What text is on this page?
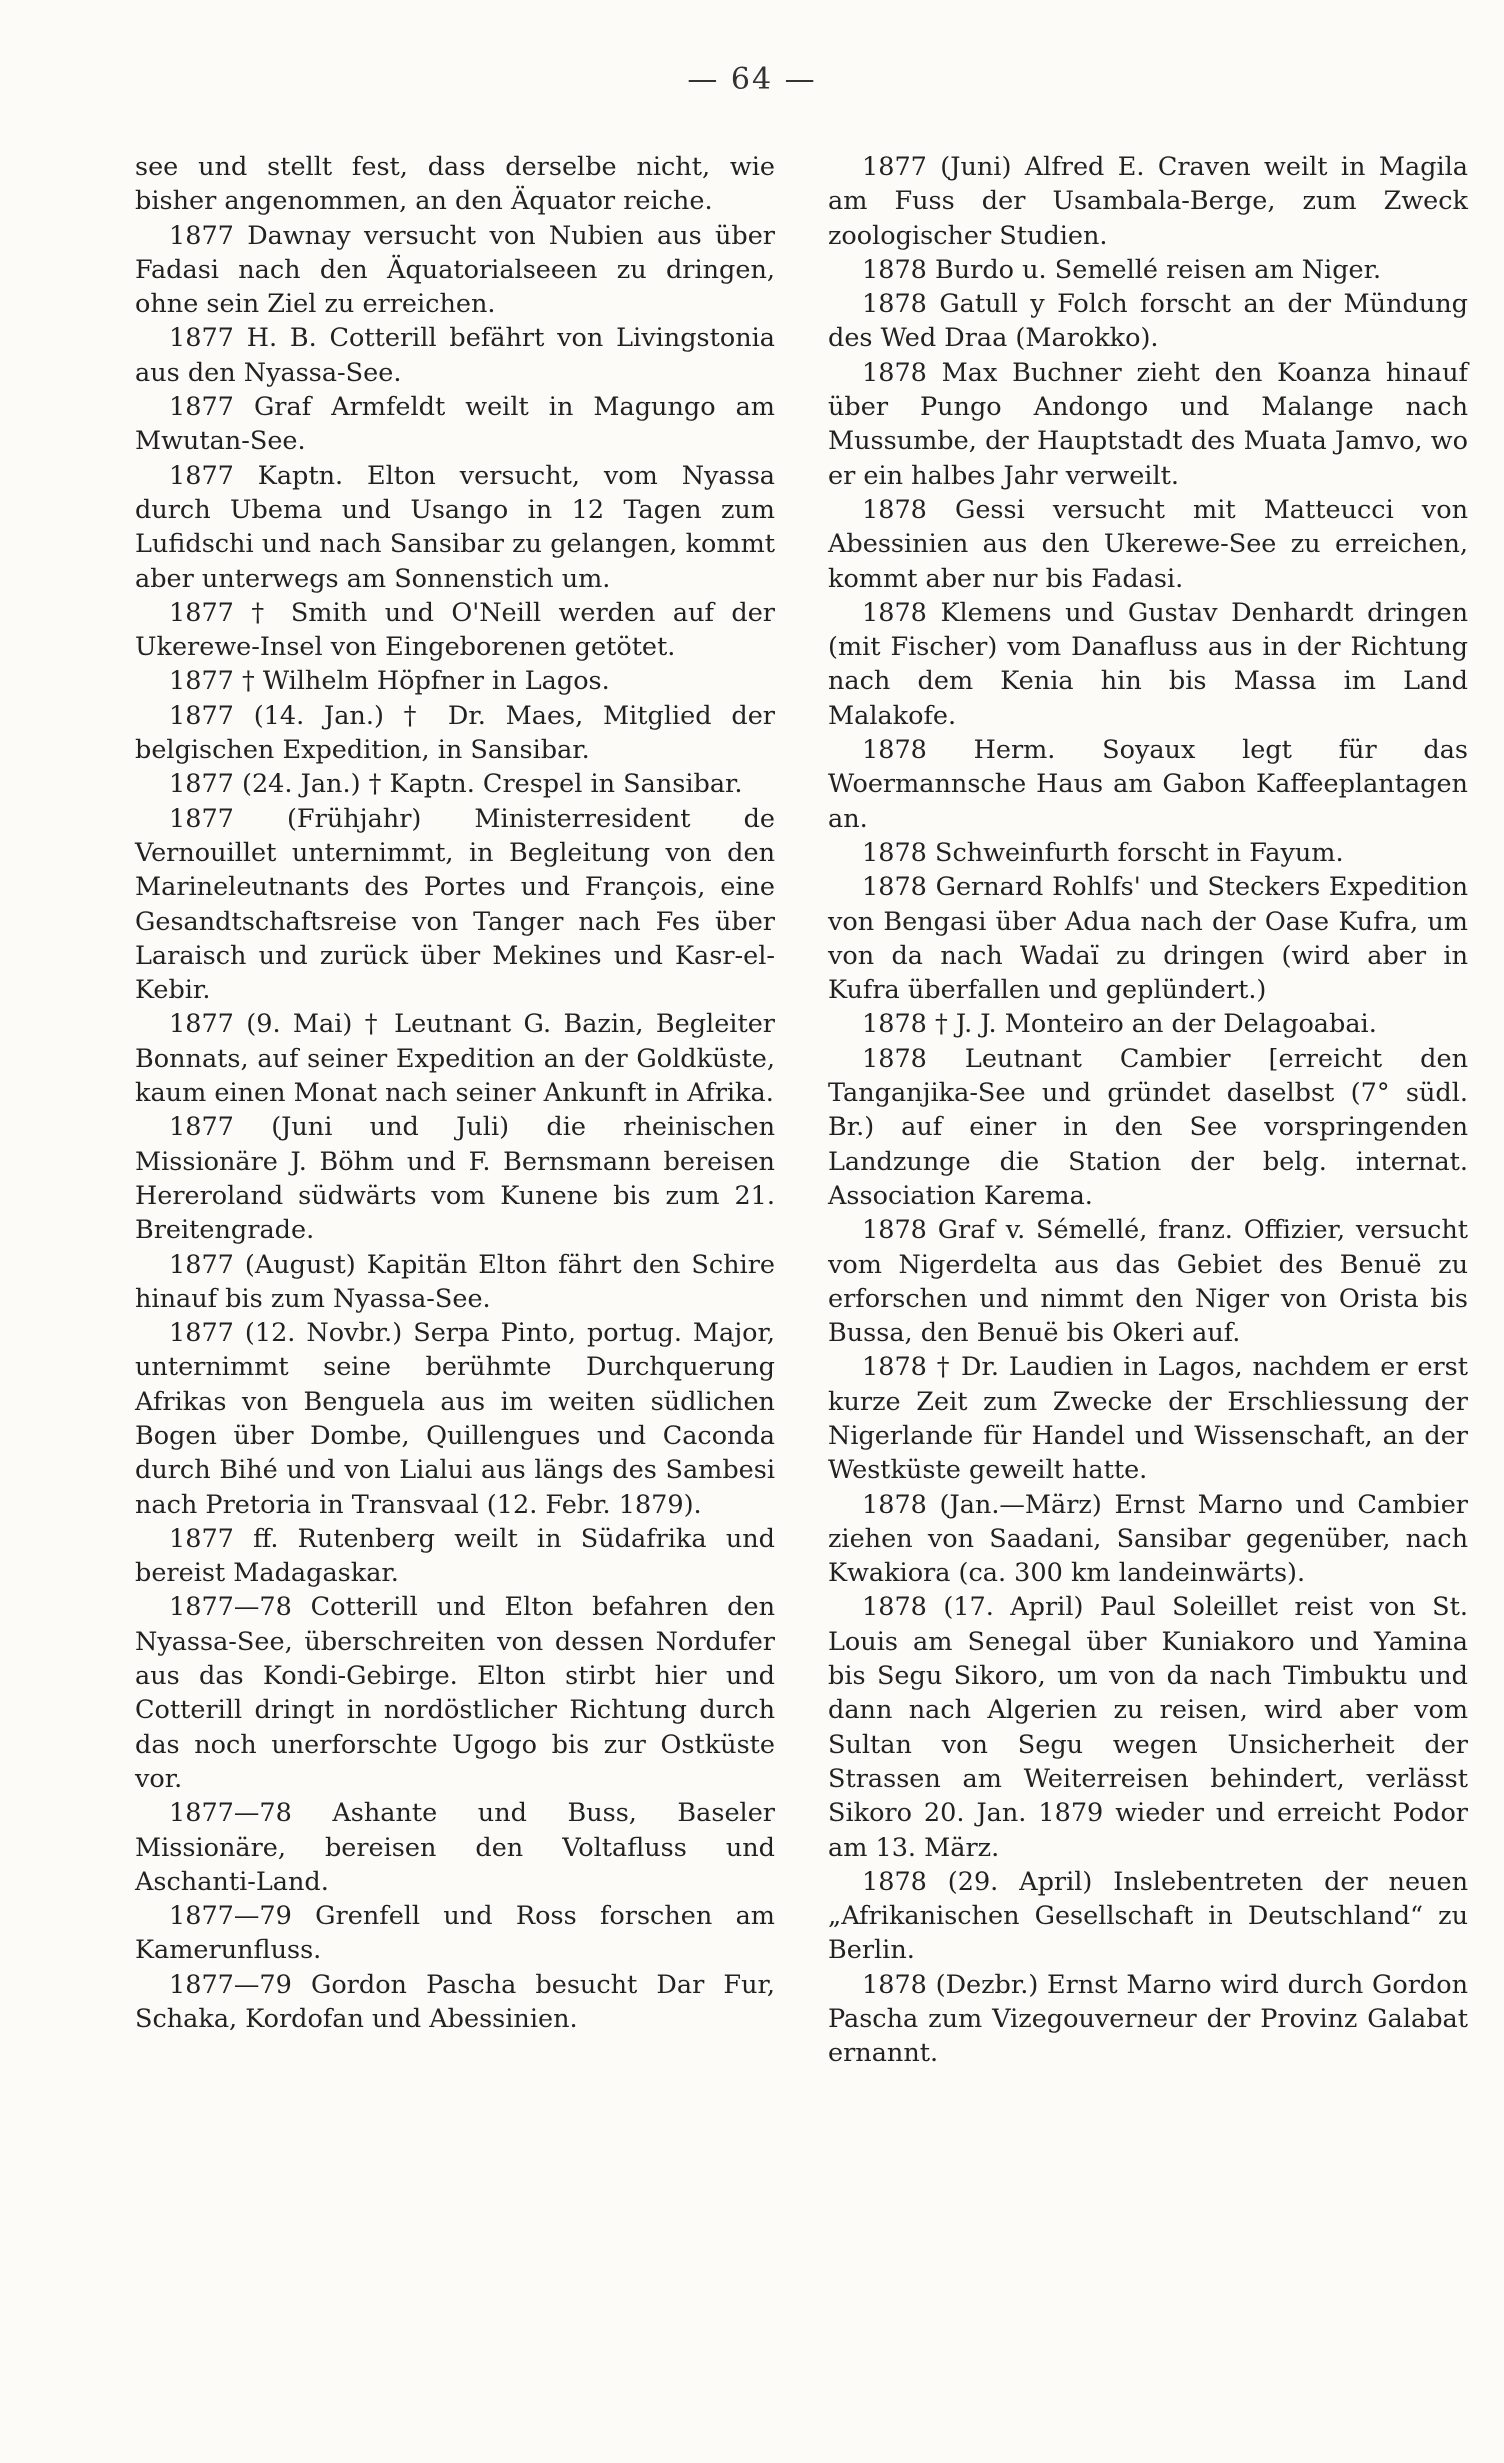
— 64 —

see und stellt fest, dass derselbe nicht, wie bisher angenommen, an den Äquator reiche.

1877 Dawnay versucht von Nubien aus über Fadasi nach den Äquatorialseeen zu dringen, ohne sein Ziel zu erreichen.

1877 H. B. Cotterill befährt von Livingstonia aus den Nyassa-See.

1877 Graf Armfeldt weilt in Magungo am Mwutan-See.

1877 Kaptn. Elton versucht, vom Nyassa durch Ubema und Usango in 12 Tagen zum Lufidschi und nach Sansibar zu gelangen, kommt aber unterwegs am Sonnenstich um.

1877 † Smith und O'Neill werden auf der Ukerewe-Insel von Eingeborenen getötet.

1877 † Wilhelm Höpfner in Lagos.

1877 (14. Jan.) † Dr. Maes, Mitglied der belgischen Expedition, in Sansibar.

1877 (24. Jan.) † Kaptn. Crespel in Sansibar.

1877 (Frühjahr) Ministerresident de Vernouillet unternimmt, in Begleitung von den Marineleutnants des Portes und François, eine Gesandtschaftsreise von Tanger nach Fes über Laraisch und zurück über Mekines und Kasr-el-Kebir.

1877 (9. Mai) † Leutnant G. Bazin, Begleiter Bonnats, auf seiner Expedition an der Goldküste, kaum einen Monat nach seiner Ankunft in Afrika.

1877 (Juni und Juli) die rheinischen Missionäre J. Böhm und F. Bernsmann bereisen Hereroland südwärts vom Kunene bis zum 21. Breitengrade.

1877 (August) Kapitän Elton fährt den Schire hinauf bis zum Nyassa-See.

1877 (12. Novbr.) Serpa Pinto, portug. Major, unternimmt seine berühmte Durchquerung Afrikas von Benguela aus im weiten südlichen Bogen über Dombe, Quillengues und Caconda durch Bihé und von Lialui aus längs des Sambesi nach Pretoria in Transvaal (12. Febr. 1879).

1877 ff. Rutenberg weilt in Südafrika und bereist Madagaskar.

1877—78 Cotterill und Elton befahren den Nyassa-See, überschreiten von dessen Nordufer aus das Kondi-Gebirge. Elton stirbt hier und Cotterill dringt in nordöstlicher Richtung durch das noch unerforschte Ugogo bis zur Ostküste vor.

1877—78 Ashante und Buss, Baseler Missionäre, bereisen den Voltafluss und Aschanti-Land.

1877—79 Grenfell und Ross forschen am Kamerunfluss.

1877—79 Gordon Pascha besucht Dar Fur, Schaka, Kordofan und Abessinien.

1877 (Juni) Alfred E. Craven weilt in Magila am Fuss der Usambala-Berge, zum Zweck zoologischer Studien.

1878 Burdo u. Semellé reisen am Niger.

1878 Gatull y Folch forscht an der Mündung des Wed Draa (Marokko).

1878 Max Buchner zieht den Koanza hinauf über Pungo Andongo und Malange nach Mussumbe, der Hauptstadt des Muata Jamvo, wo er ein halbes Jahr verweilt.

1878 Gessi versucht mit Matteucci von Abessinien aus den Ukerewe-See zu erreichen, kommt aber nur bis Fadasi.

1878 Klemens und Gustav Denhardt dringen (mit Fischer) vom Danafluss aus in der Richtung nach dem Kenia hin bis Massa im Land Malakofe.

1878 Herm. Soyaux legt für das Woermannsche Haus am Gabon Kaffeeplantagen an.

1878 Schweinfurth forscht in Fayum.

1878 Gernard Rohlfs' und Steckers Expedition von Bengasi über Adua nach der Oase Kufra, um von da nach Wadaï zu dringen (wird aber in Kufra überfallen und geplündert.)

1878 † J. J. Monteiro an der Delagoabai.

1878 Leutnant Cambier [erreicht den Tanganjika-See und gründet daselbst (7° südl. Br.) auf einer in den See vorspringenden Landzunge die Station der belg. internat. Association Karema.

1878 Graf v. Sémellé, franz. Offizier, versucht vom Nigerdelta aus das Gebiet des Benuë zu erforschen und nimmt den Niger von Orista bis Bussa, den Benuë bis Okeri auf.

1878 † Dr. Laudien in Lagos, nachdem er erst kurze Zeit zum Zwecke der Erschliessung der Nigerlande für Handel und Wissenschaft, an der Westküste geweilt hatte.

1878 (Jan.—März) Ernst Marno und Cambier ziehen von Saadani, Sansibar gegenüber, nach Kwakiora (ca. 300 km landeinwärts).

1878 (17. April) Paul Soleillet reist von St. Louis am Senegal über Kuniakoro und Yamina bis Segu Sikoro, um von da nach Timbuktu und dann nach Algerien zu reisen, wird aber vom Sultan von Segu wegen Unsicherheit der Strassen am Weiterreisen behindert, verlässt Sikoro 20. Jan. 1879 wieder und erreicht Podor am 13. März.

1878 (29. April) Inslebentreten der neuen „Afrikanischen Gesellschaft in Deutschland“ zu Berlin.

1878 (Dezbr.) Ernst Marno wird durch Gordon Pascha zum Vizegouverneur der Provinz Galabat ernannt.
